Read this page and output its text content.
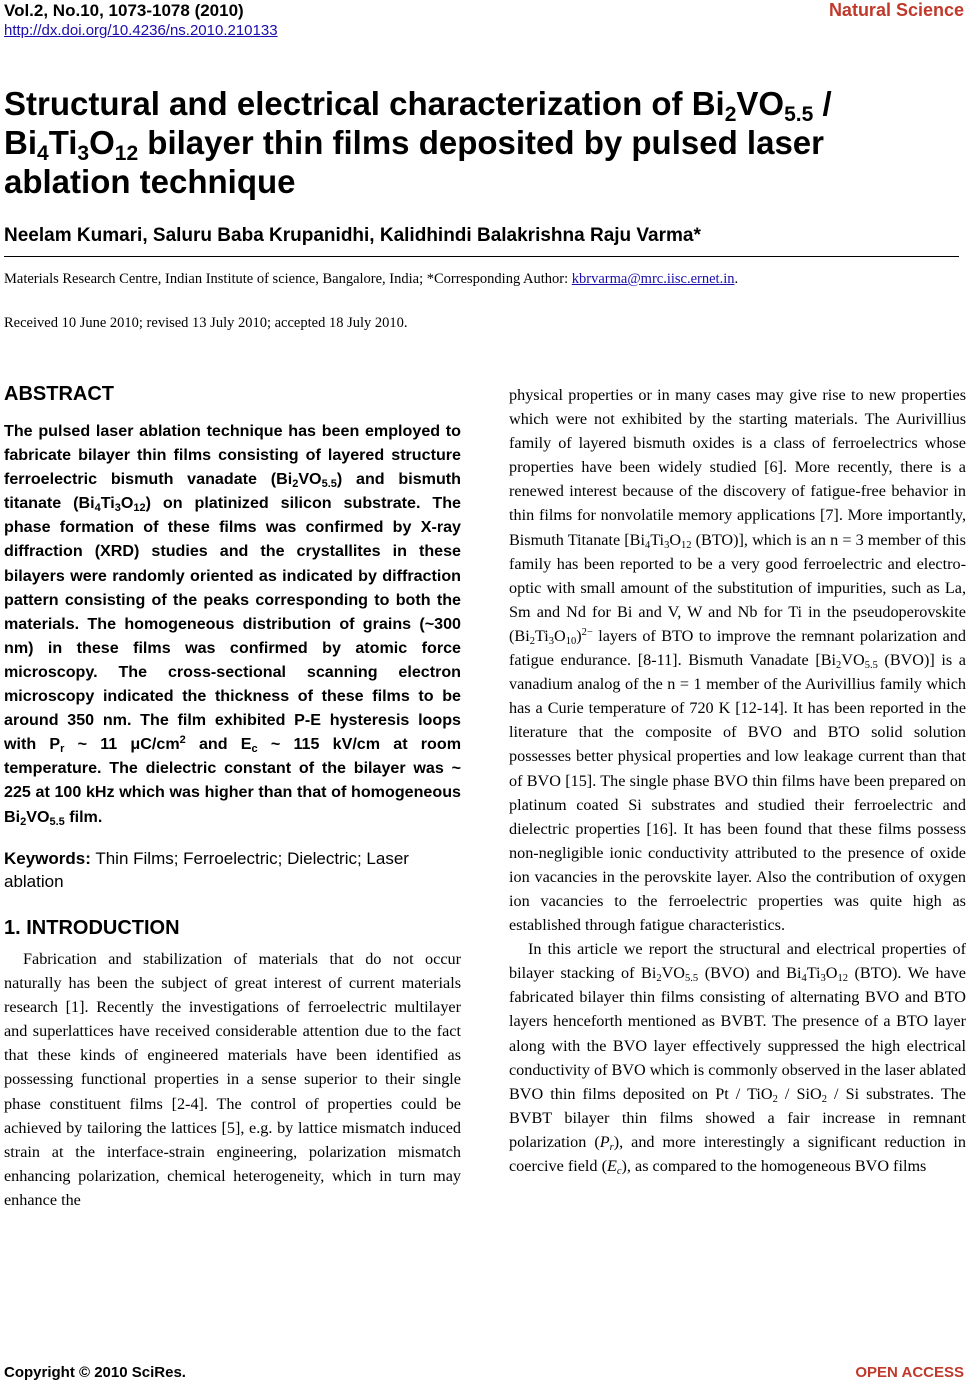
Vol.2, No.10, 1073-1078 (2010)
http://dx.doi.org/10.4236/ns.2010.210133
Natural Science
Structural and electrical characterization of $Bi_2VO_{5.5} / Bi_4Ti_3O_{12}$ bilayer thin films deposited by pulsed laser ablation technique
Neelam Kumari, Saluru Baba Krupanidhi, Kalidhindi Balakrishna Raju Varma*
Materials Research Centre, Indian Institute of science, Bangalore, India; *Corresponding Author: kbrvarma@mrc.iisc.ernet.in.
Received 10 June 2010; revised 13 July 2010; accepted 18 July 2010.
ABSTRACT

The pulsed laser ablation technique has been employed to fabricate bilayer thin films consisting of layered structure ferroelectric bismuth vanadate $(Bi_2VO_{5.5})$ and bismuth titanate $(Bi_4Ti_3O_{12})$ on platinized silicon substrate. The phase formation of these films was confirmed by X-ray diffraction (XRD) studies and the crystallites in these bilayers were randomly oriented as indicated by diffraction pattern consisting of the peaks corresponding to both the materials. The homogeneous distribution of grains (~300 nm) in these films was confirmed by atomic force microscopy. The cross-sectional scanning electron microscopy indicated the thickness of these films to be around 350 nm. The film exhibited P-E hysteresis loops with $P_r$ ~ 11 $\mu C/cm^2$ and $E_c$ ~ 115 kV/cm at room temperature. The dielectric constant of the bilayer was ~ 225 at 100 kHz which was higher than that of homogeneous $Bi_2VO_{5.5}$ film.

Keywords: Thin Films; Ferroelectric; Dielectric; Laser ablation
1. INTRODUCTION

Fabrication and stabilization of materials that do not occur naturally has been the subject of great interest of current materials research [1]. Recently the investigations of ferroelectric multilayer and superlattices have received considerable attention due to the fact that these kinds of engineered materials have been identified as possessing functional properties in a sense superior to their single phase constituent films [2-4]. The control of properties could be achieved by tailoring the lattices [5], e.g. by lattice mismatch induced strain at the interface-strain engineering, polarization mismatch enhancing polarization, chemical heterogeneity, which in turn may enhance the

physical properties or in many cases may give rise to new properties which were not exhibited by the starting materials. The Aurivillius family of layered bismuth oxides is a class of ferroelectrics whose properties have been widely studied [6]. More recently, there is a renewed interest because of the discovery of fatigue-free behavior in thin films for nonvolatile memory applications [7]. More importantly, Bismuth Titanate [$Bi_4Ti_3O_{12}$ (BTO)], which is an n = 3 member of this family has been reported to be a very good ferroelectric and electro-optic with small amount of the substitution of impurities, such as La, Sm and Nd for Bi and V, W and Nb for Ti in the pseudoperovskite $(Bi_2Ti_3O_{10})^{2-}$ layers of BTO to improve the remnant polarization and fatigue endurance. [8-11]. Bismuth Vanadate [$Bi_2VO_{5.5}$ (BVO)] is a vanadium analog of the n = 1 member of the Aurivillius family which has a Curie temperature of 720 K [12-14]. It has been reported in the literature that the composite of BVO and BTO solid solution possesses better physical properties and low leakage current than that of BVO [15]. The single phase BVO thin films have been prepared on platinum coated Si substrates and studied their ferroelectric and dielectric properties [16]. It has been found that these films possess non-negligible ionic conductivity attributed to the presence of oxide ion vacancies in the perovskite layer. Also the contribution of oxygen ion vacancies to the ferroelectric properties was quite high as established through fatigue characteristics.

In this article we report the structural and electrical properties of bilayer stacking of $Bi_2VO_{5.5}$ (BVO) and $Bi_4Ti_3O_{12}$ (BTO). We have fabricated bilayer thin films consisting of alternating BVO and BTO layers henceforth mentioned as BVBT. The presence of a BTO layer along with the BVO layer effectively suppressed the high electrical conductivity of BVO which is commonly observed in the laser ablated BVO thin films deposited on Pt / TiO$_2$ / SiO$_2$ / Si substrates. The BVBT bilayer thin films showed a fair increase in remnant polarization $(P_r)$, and more interestingly a significant reduction in coercive field $(E_c)$, as compared to the homogeneous BVO films

Copyright © 2010 SciRes.	OPEN ACCESS
